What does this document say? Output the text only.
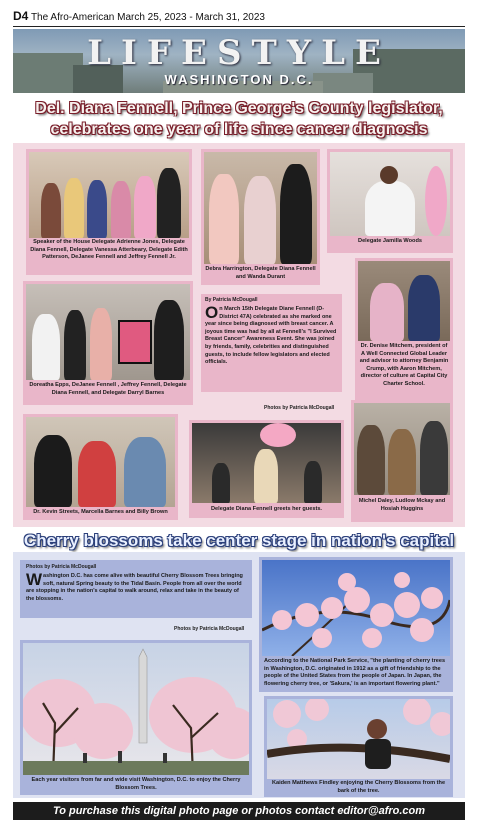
D4 The Afro-American March 25, 2023 - March 31, 2023
LIFESTYLE
WASHINGTON D.C.
Del. Diana Fennell, Prince George's County legislator,
celebrates one year of life since cancer diagnosis
Speaker of the House Delegate Adrienne Jones, Delegate Diana Fennell, Delegate Vanessa Atterbeary, Delegate Edith Patterson, DeJanee Fennell and Jeffrey Fennell Jr.
Debra Harrington, Delegate Diana Fennell and Wanda Durant
Delegate Jamilla Woods
Dr. Denise Mitchem, president of A Well Connected Global Leader and advisor to attorney Benjamin Crump, with Aaron Mitchem, director of culture at Capital City Charter School.
Doreatha Epps, DeJanee Fennell , Jeffrey Fennell, Delegate Diana Fennell, and Delegate Darryl Barnes
By Patricia McDougall
On March 15th Delegate Diane Fennell (D-District 47A) celebrated as she marked one year since being diagnosed with breast cancer. A joyous time was had by all at Fennell's "I Survived Breast Cancer" Awareness Event. She was joined by friends, family, celebrities and distinguished guests, to include fellow legislators and elected officials.
Photos by Patricia McDougall
Dr. Kevin Streets, Marcella Barnes and Billy Brown	Delegate Diana Fennell greets her guests.
Michel Daley, Ludlow Mckay and Hosiah Huggins
Cherry blossoms take center stage in nation's capital
Photos by Patricia McDougall
Washington D.C. has come alive with beautiful Cherry Blossom Trees bringing soft, natural Spring beauty to the Tidal Basin. People from all over the world are stopping in the nation's capital to walk around, relax and take in the beauty of the blossoms.
Photos by Patricia McDougall
According to the National Park Service, "the planting of cherry trees in Washington, D.C. originated in 1912 as a gift of friendship to the people of the United States from the people of Japan. In Japan, the flowering cherry tree, or 'Sakura,' is an important flowering plant."
Each year visitors from far and wide visit Washington, D.C. to enjoy the Cherry Blossom Trees.
Kaiden Matthews Findley enjoying the Cherry Blossoms from the bark of the tree.
To purchase this digital photo page or photos contact editor@afro.com
